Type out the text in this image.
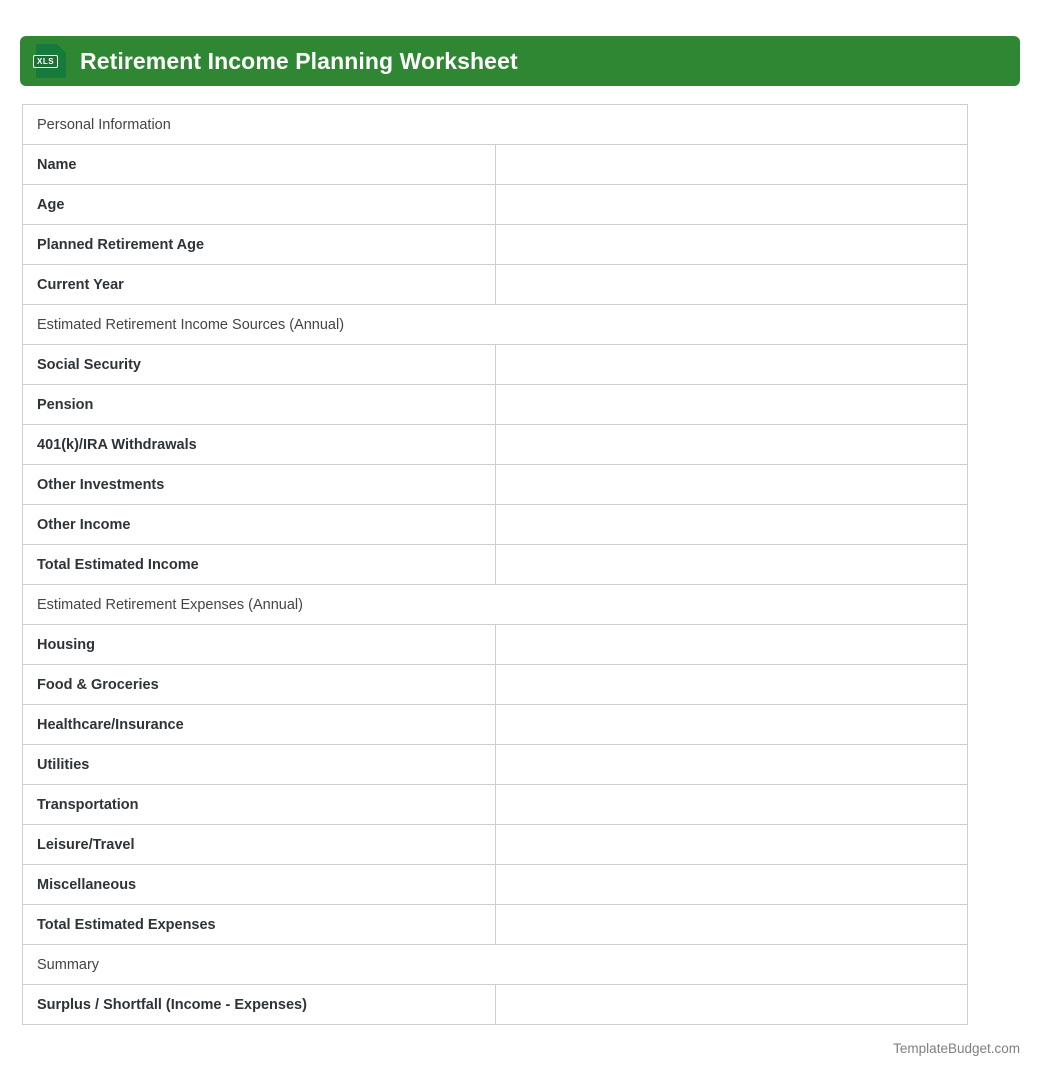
XLS Retirement Income Planning Worksheet
Personal Information	
Name	
Age	
Planned Retirement Age	
Current Year	
Estimated Retirement Income Sources (Annual)	
Social Security	
Pension	
401(k)/IRA Withdrawals	
Other Investments	
Other Income	
Total Estimated Income	
Estimated Retirement Expenses (Annual)	
Housing	
Food & Groceries	
Healthcare/Insurance	
Utilities	
Transportation	
Leisure/Travel	
Miscellaneous	
Total Estimated Expenses	
Summary	
Surplus / Shortfall (Income - Expenses)	
TemplateBudget.com
